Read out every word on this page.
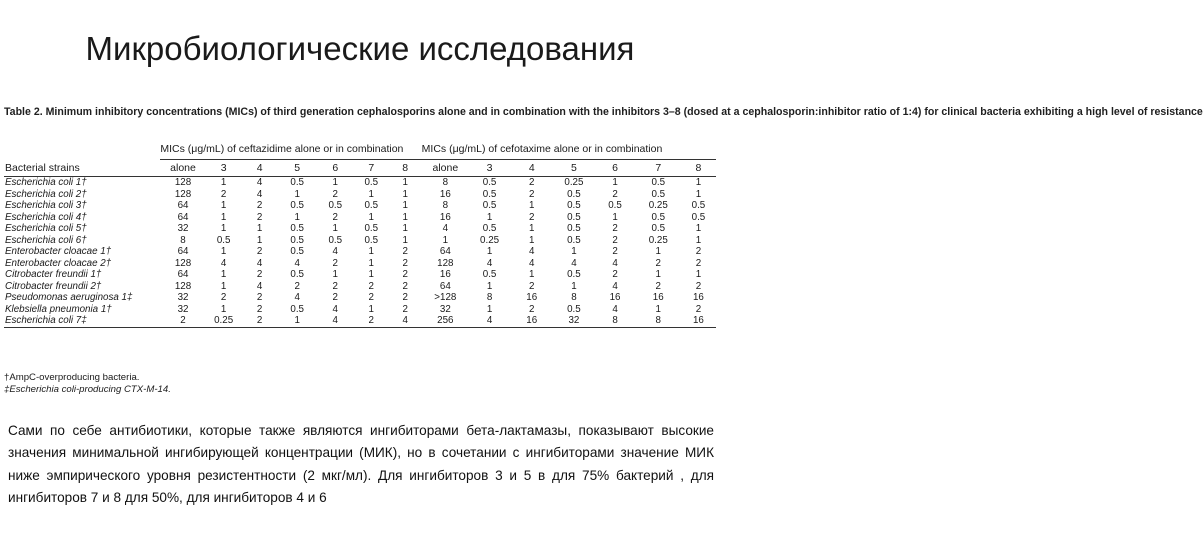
Микробиологические исследования
Table 2. Minimum inhibitory concentrations (MICs) of third generation cephalosporins alone and in combination with the inhibitors 3–8 (dosed at a cephalosporin:inhibitor ratio of 1:4) for clinical bacteria exhibiting a high level of resistance

	MICs (μg/mL) of ceftazidime alone or in combination							MICs (μg/mL) of cefotaxime alone or in combination						

Bacterial strains	alone	3	4	5	6	7	8	alone	3	4	5	6	7	8
Escherichia coli 1†	128	1	4	0.5	1	0.5	1	8	0.5	2	0.25	1	0.5	1
Escherichia coli 2†	128	2	4	1	2	1	1	16	0.5	2	0.5	2	0.5	1
Escherichia coli 3†	64	1	2	0.5	0.5	0.5	1	8	0.5	1	0.5	0.5	0.25	0.5
Escherichia coli 4†	64	1	2	1	2	1	1	16	1	2	0.5	1	0.5	0.5
Escherichia coli 5†	32	1	1	0.5	1	0.5	1	4	0.5	1	0.5	2	0.5	1
Escherichia coli 6†	8	0.5	1	0.5	0.5	0.5	1	1	0.25	1	0.5	2	0.25	1
Enterobacter cloacae 1†	64	1	2	0.5	4	1	2	64	1	4	1	2	1	2
Enterobacter cloacae 2†	128	4	4	4	2	1	2	128	4	4	4	4	2	2
Citrobacter freundii 1†	64	1	2	0.5	1	1	2	16	0.5	1	0.5	2	1	1
Citrobacter freundii 2†	128	1	4	2	2	2	2	64	1	2	1	4	2	2
Pseudomonas aeruginosa 1‡	32	2	2	4	2	2	2	>128	8	16	8	16	16	16
Klebsiella pneumonia 1†	32	1	2	0.5	4	1	2	32	1	2	0.5	4	1	2
Escherichia coli 7‡	2	0.25	2	1	4	2	4	256	4	16	32	8	8	16
†AmpC-overproducing bacteria.
‡Escherichia coli-producing CTX-M-14.
Сами по себе антибиотики, которые также являются ингибиторами бета-лактамазы, показывают высокие значения минимальной ингибирующей концентрации (МИК), но в сочетании с ингибиторами значение МИК ниже эмпирического уровня резистентности (2 мкг/мл). Для ингибиторов 3 и 5 в для 75% бактерий , для ингибиторов 7 и 8 для 50%, для ингибиторов 4 и 6
